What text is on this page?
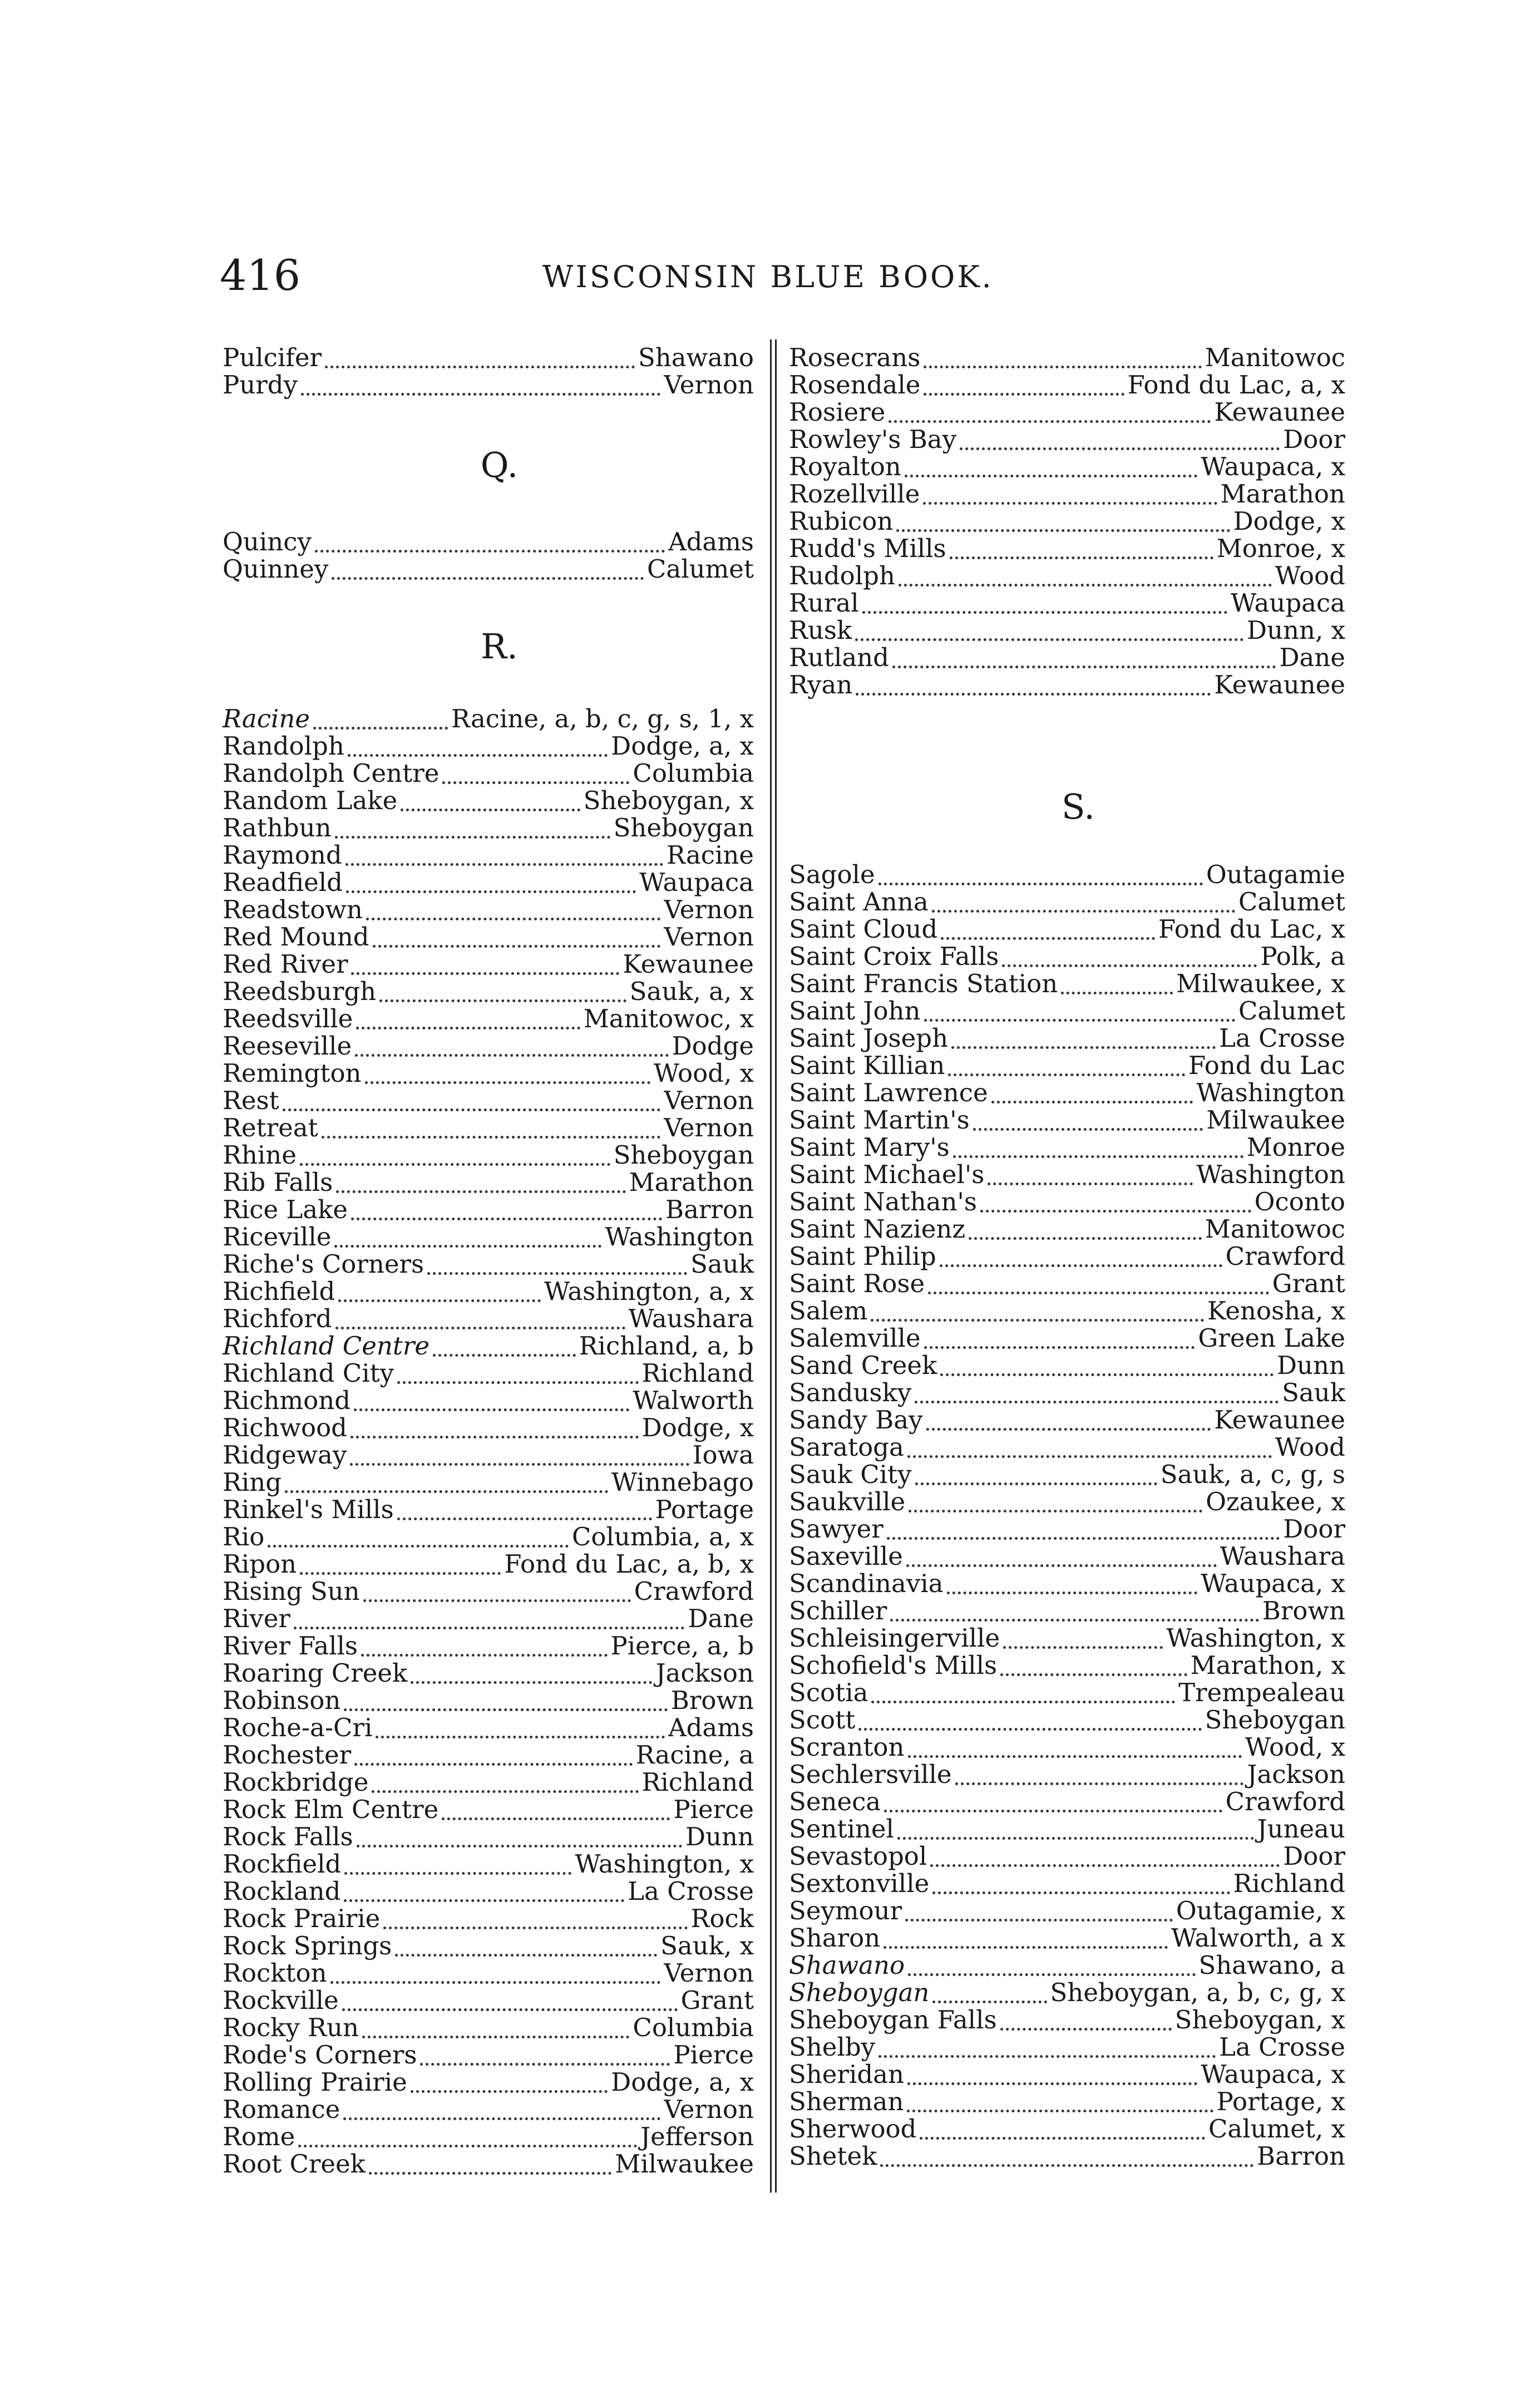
416	WISCONSIN BLUE BOOK.
Pulcifer	Shawano
Purdy	Vernon
Q.
Quincy	Adams
Quinney	Calumet
R.
Racine	Racine, a, b, c, g, s, 1, x
Randolph	Dodge, a, x
Randolph Centre	Columbia
Random Lake	Sheboygan, x
Rathbun	Sheboygan
Raymond	Racine
Readfield	Waupaca
Readstown	Vernon
Red Mound	Vernon
Red River	Kewaunee
Reedsburgh	Sauk, a, x
Reedsville	Manitowoc, x
Reeseville	Dodge
Remington	Wood, x
Rest	Vernon
Retreat	Vernon
Rhine	Sheboygan
Rib Falls	Marathon
Rice Lake	Barron
Riceville	Washington
Riche's Corners	Sauk
Richfield	Washington, a, x
Richford	Waushara
Richland Centre	Richland, a, b
Richland City	Richland
Richmond	Walworth
Richwood	Dodge, x
Ridgeway	Iowa
Ring	Winnebago
Rinkel's Mills	Portage
Rio	Columbia, a, x
Ripon	Fond du Lac, a, b, x
Rising Sun	Crawford
River	Dane
River Falls	Pierce, a, b
Roaring Creek	Jackson
Robinson	Brown
Roche-a-Cri	Adams
Rochester	Racine, a
Rockbridge	Richland
Rock Elm Centre	Pierce
Rock Falls	Dunn
Rockfield	Washington, x
Rockland	La Crosse
Rock Prairie	Rock
Rock Springs	Sauk, x
Rockton	Vernon
Rockville	Grant
Rocky Run	Columbia
Rode's Corners	Pierce
Rolling Prairie	Dodge, a, x
Romance	Vernon
Rome	Jefferson
Root Creek	Milwaukee
Rosecrans	Manitowoc
Rosendale	Fond du Lac, a, x
Rosiere	Kewaunee
Rowley's Bay	Door
Royalton	Waupaca, x
Rozellville	Marathon
Rubicon	Dodge, x
Rudd's Mills	Monroe, x
Rudolph	Wood
Rural	Waupaca
Rusk	Dunn, x
Rutland	Dane
Ryan	Kewaunee
S.
Sagole	Outagamie
Saint Anna	Calumet
Saint Cloud	Fond du Lac, x
Saint Croix Falls	Polk, a
Saint Francis Station	Milwaukee, x
Saint John	Calumet
Saint Joseph	La Crosse
Saint Killian	Fond du Lac
Saint Lawrence	Washington
Saint Martin's	Milwaukee
Saint Mary's	Monroe
Saint Michael's	Washington
Saint Nathan's	Oconto
Saint Nazienz	Manitowoc
Saint Philip	Crawford
Saint Rose	Grant
Salem	Kenosha, x
Salemville	Green Lake
Sand Creek	Dunn
Sandusky	Sauk
Sandy Bay	Kewaunee
Saratoga	Wood
Sauk City	Sauk, a, c, g, s
Saukville	Ozaukee, x
Sawyer	Door
Saxeville	Waushara
Scandinavia	Waupaca, x
Schiller	Brown
Schleisingerville	Washington, x
Schofield's Mills	Marathon, x
Scotia	Trempealeau
Scott	Sheboygan
Scranton	Wood, x
Sechlersville	Jackson
Seneca	Crawford
Sentinel	Juneau
Sevastopol	Door
Sextonville	Richland
Seymour	Outagamie, x
Sharon	Walworth, a x
Shawano	Shawano, a
Sheboygan	Sheboygan, a, b, c, g, x
Sheboygan Falls	Sheboygan, x
Shelby	La Crosse
Sheridan	Waupaca, x
Sherman	Portage, x
Sherwood	Calumet, x
Shetek	Barron
